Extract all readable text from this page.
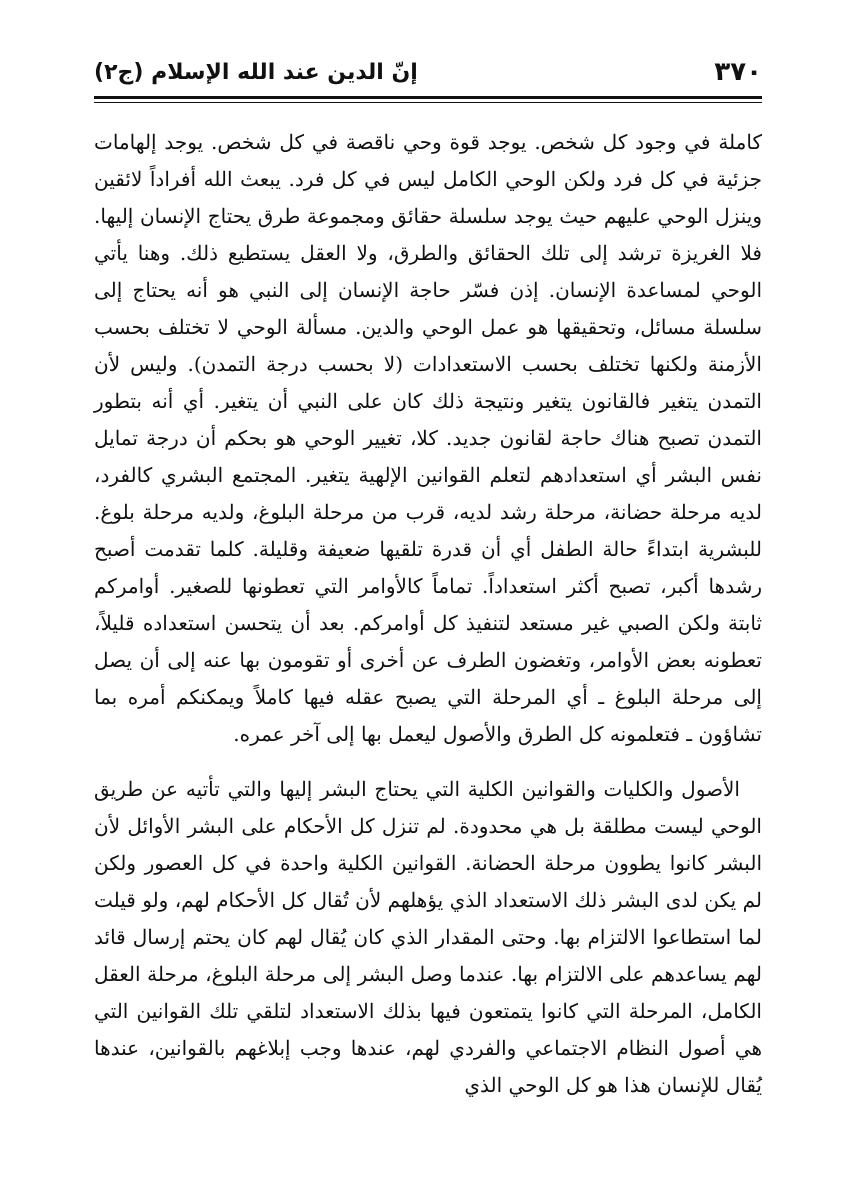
٣٧٠
إنّ الدين عند الله الإسلام (ج٢)

كاملة في وجود كل شخص. يوجد قوة وحي ناقصة في كل شخص. يوجد إلهامات جزئية في كل فرد ولكن الوحي الكامل ليس في كل فرد. يبعث الله أفراداً لائقين وينزل الوحي عليهم حيث يوجد سلسلة حقائق ومجموعة طرق يحتاج الإنسان إليها. فلا الغريزة ترشد إلى تلك الحقائق والطرق، ولا العقل يستطيع ذلك. وهنا يأتي الوحي لمساعدة الإنسان. إذن فسّر حاجة الإنسان إلى النبي هو أنه يحتاج إلى سلسلة مسائل، وتحقيقها هو عمل الوحي والدين. مسألة الوحي لا تختلف بحسب الأزمنة ولكنها تختلف بحسب الاستعدادات (لا بحسب درجة التمدن). وليس لأن التمدن يتغير فالقانون يتغير ونتيجة ذلك كان على النبي أن يتغير. أي أنه بتطور التمدن تصبح هناك حاجة لقانون جديد. كلا، تغيير الوحي هو بحكم أن درجة تمايل نفس البشر أي استعدادهم لتعلم القوانين الإلهية يتغير. المجتمع البشري كالفرد، لديه مرحلة حضانة، مرحلة رشد لديه، قرب من مرحلة البلوغ، ولديه مرحلة بلوغ. للبشرية ابتداءً حالة الطفل أي أن قدرة تلقيها ضعيفة وقليلة. كلما تقدمت أصبح رشدها أكبر، تصبح أكثر استعداداً. تماماً كالأوامر التي تعطونها للصغير. أوامركم ثابتة ولكن الصبي غير مستعد لتنفيذ كل أوامركم. بعد أن يتحسن استعداده قليلاً، تعطونه بعض الأوامر، وتغضون الطرف عن أخرى أو تقومون بها عنه إلى أن يصل إلى مرحلة البلوغ ـ أي المرحلة التي يصبح عقله فيها كاملاً ويمكنكم أمره بما تشاؤون ـ فتعلمونه كل الطرق والأصول ليعمل بها إلى آخر عمره.

الأصول والكليات والقوانين الكلية التي يحتاج البشر إليها والتي تأتيه عن طريق الوحي ليست مطلقة بل هي محدودة. لم تنزل كل الأحكام على البشر الأوائل لأن البشر كانوا يطوون مرحلة الحضانة. القوانين الكلية واحدة في كل العصور ولكن لم يكن لدى البشر ذلك الاستعداد الذي يؤهلهم لأن تُقال كل الأحكام لهم، ولو قيلت لما استطاعوا الالتزام بها. وحتى المقدار الذي كان يُقال لهم كان يحتم إرسال قائد لهم يساعدهم على الالتزام بها. عندما وصل البشر إلى مرحلة البلوغ، مرحلة العقل الكامل، المرحلة التي كانوا يتمتعون فيها بذلك الاستعداد لتلقي تلك القوانين التي هي أصول النظام الاجتماعي والفردي لهم، عندها وجب إبلاغهم بالقوانين، عندها يُقال للإنسان هذا هو كل الوحي الذي
